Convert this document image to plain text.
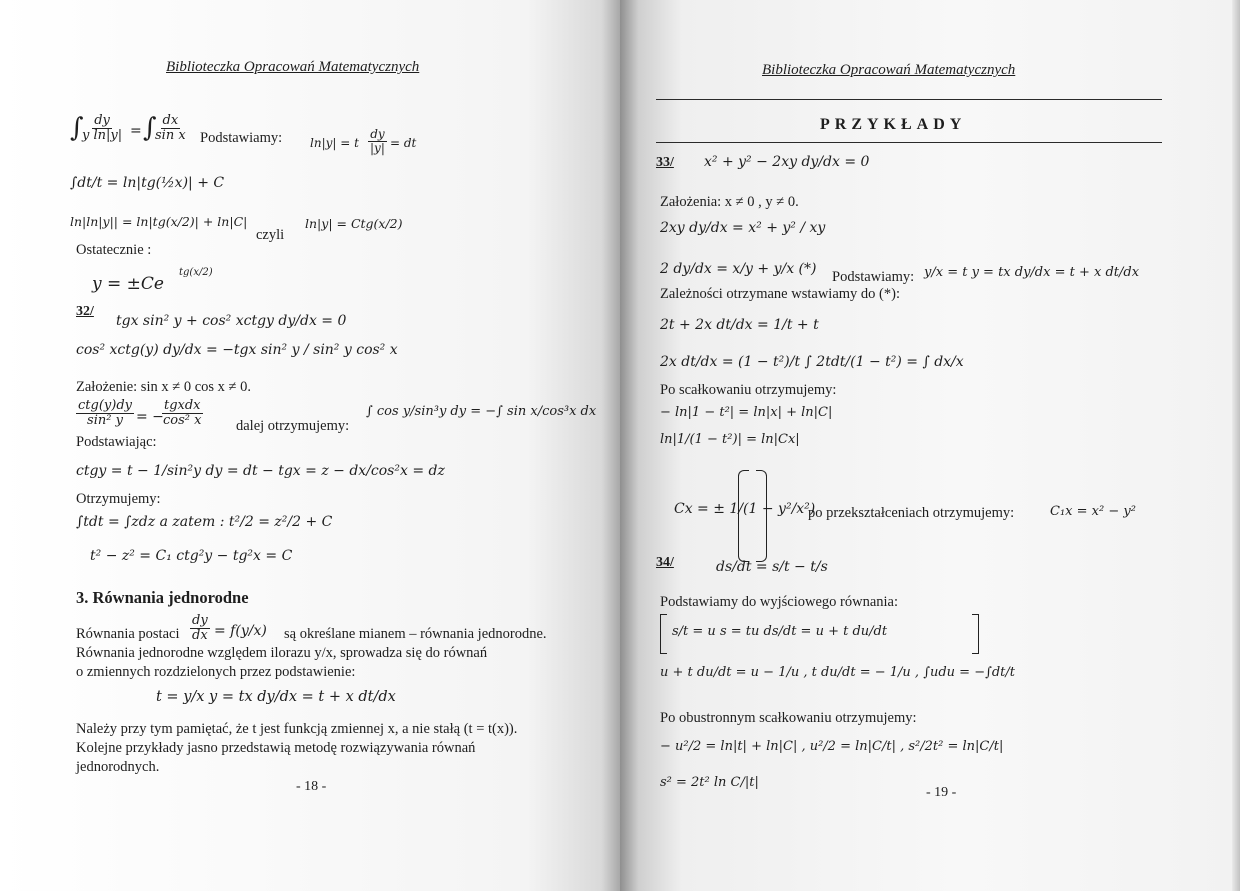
Biblioteczka Opracowań Matematycznych
∫
$\frac{dy}{\text{y ln|y|}}$ = ∫
$\frac{dx}{\text{sin x}}$ Podstawiamy: ln|y| = t $\frac{dy}{|y|}$ = dt
∫dt/t = ln|tg(½x)| + C
ln|ln|y|| = ln|tg(x/2)| + ln|C|
czyli
ln|y| = Ctg(x/2)
Ostatecznie :
y = ±Ce
tg(x/2)
32/
tgx sin² y + cos² xctgy dy/dx = 0
cos² xctg(y) dy/dx = −tgx sin² y / sin² y cos² x
Założenie: sin x ≠ 0 cos x ≠ 0.
ctg(y)dy
sin² y = −
tgxdx
cos² x dalej otrzymujemy:
∫ cos y/sin³y dy = −∫ sin x/cos³x dx
Podstawiając:
ctgy = t − 1/sin²y dy = dt − tgx = z − dx/cos²x = dz
Otrzymujemy:
∫tdt = ∫zdz a zatem : t²/2 = z²/2 + C
t² − z² = C₁ ctg²y − tg²x = C
3. Równania jednorodne
Równania postaci $\frac{dy}{dx} = f(y/x)$ są określane mianem – równania jednorodne.
Równania jednorodne względem ilorazu y/x, sprowadza się do równań
o zmiennych rozdzielonych przez podstawienie:
t = y/x y = tx dy/dx = t + x dt/dx
Należy przy tym pamiętać, że t jest funkcją zmiennej x, a nie stałą (t = t(x)).
Kolejne przykłady jasno przedstawią metodę rozwiązywania równań
jednorodnych.
- 18 -
Biblioteczka Opracowań Matematycznych
PRZYKŁADY
33/ x² + y² − 2xy dy/dx = 0
Założenia: x ≠ 0 , y ≠ 0.
2xy dy/dx = x² + y² / xy
2 dy/dx = x/y + y/x (*) Podstawiamy: y/x = t y = tx dy/dx = t + x dt/dx
Zależności otrzymane wstawiamy do (*):
2t + 2x dt/dx = 1/t + t
2x dt/dx = (1 − t²)/t ∫ 2tdt/(1 − t²) = ∫ dx/x
Po scałkowaniu otrzymujemy:
− ln|1 − t²| = ln|x| + ln|C|
ln|1/(1 − t²)| = ln|Cx|
Cx = ± 1/(1 − y²/x²)
po przekształceniach otrzymujemy:	C₁x = x² − y²
34/	ds/dt = s/t − t/s
Podstawiamy do wyjściowego równania:
s/t = u s = tu ds/dt = u + t du/dt
u + t du/dt = u − 1/u , t du/dt = − 1/u , ∫udu = −∫dt/t
Po obustronnym scałkowaniu otrzymujemy:
− u²/2 = ln|t| + ln|C| , u²/2 = ln|C/t| , s²/2t² = ln|C/t|
s² = 2t² ln C/|t|
- 19 -
